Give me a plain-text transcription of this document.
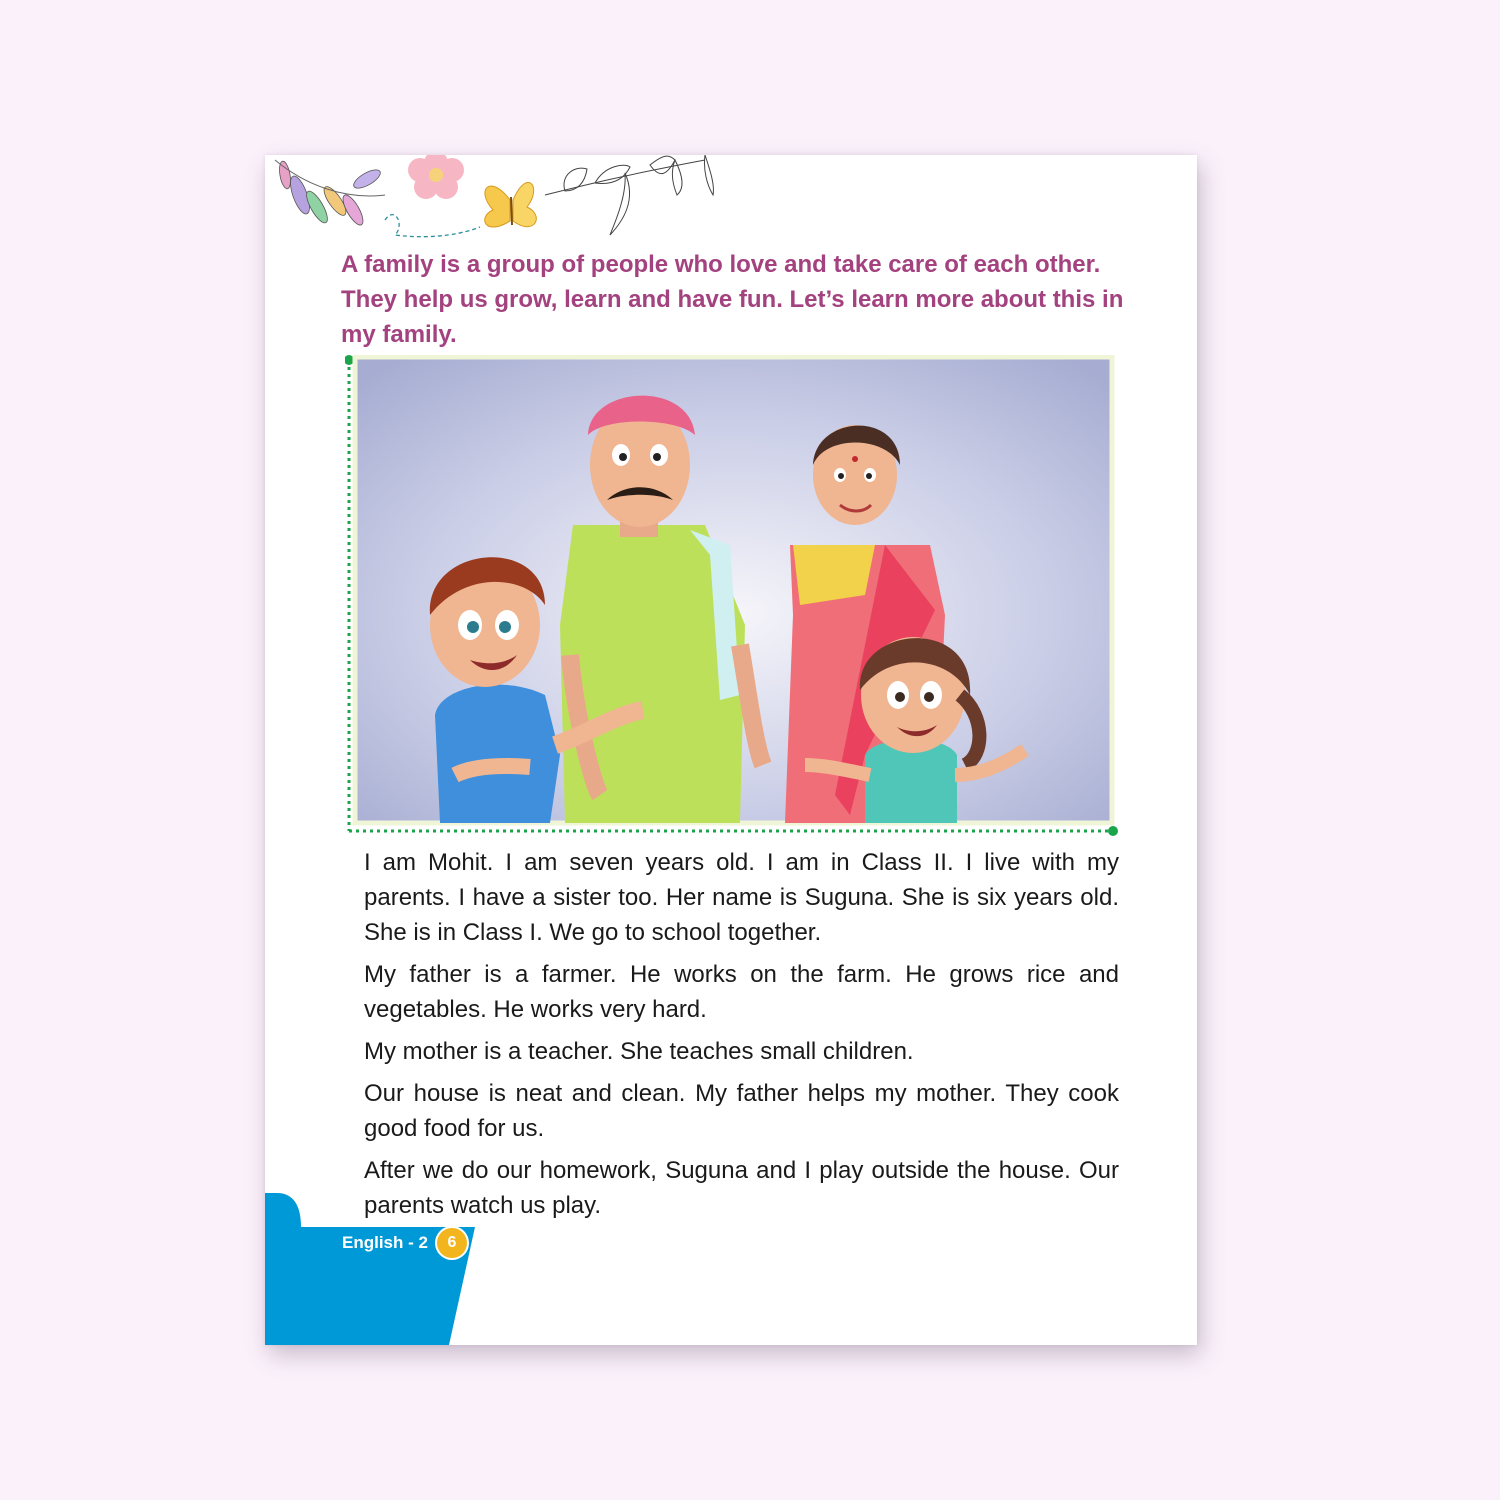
A family is a group of people who love and take care of each other. They help us grow, learn and have fun. Let’s learn more about this in my family.

I am Mohit. I am seven years old. I am in Class II. I live with my parents. I have a sister too. Her name is Suguna. She is six years old. She is in Class I. We go to school together.

My father is a farmer. He works on the farm. He grows rice and vegetables. He works very hard.

My mother is a teacher. She teaches small children.

Our house is neat and clean. My father helps my mother. They cook good food for us.

After we do our homework, Suguna and I play outside the house. Our parents watch us play.

English - 2	6
